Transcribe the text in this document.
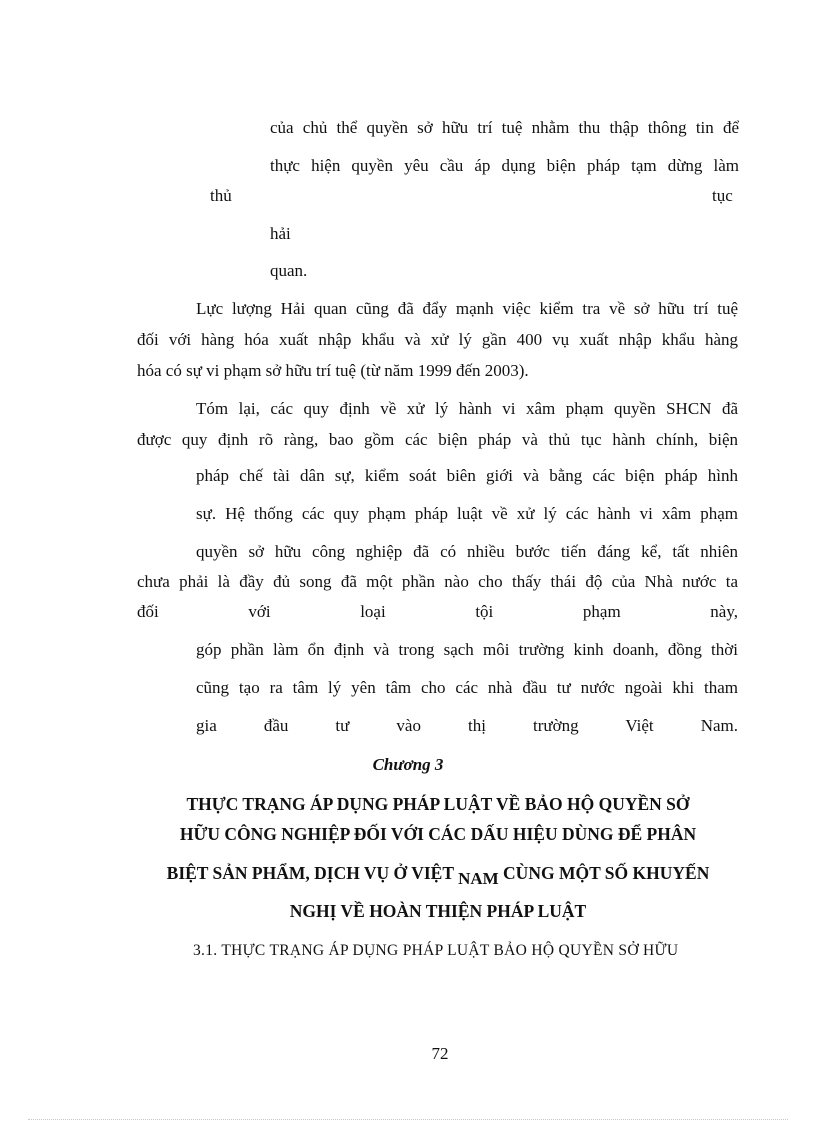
của chủ thể quyền sở hữu trí tuệ nhằm thu thập thông tin để

thực hiện quyền yêu cầu áp dụng biện pháp tạm dừng làm

thủ	tục

hải

quan.

Lực lượng Hải quan cũng đã đẩy mạnh việc kiểm tra về sở hữu trí tuệ

đối với hàng hóa xuất nhập khẩu và xử lý gần 400 vụ xuất nhập khẩu hàng

hóa có sự vi phạm sở hữu trí tuệ (từ năm 1999 đến 2003).

Tóm lại, các quy định về xử lý hành vi xâm phạm quyền SHCN đã

được quy định rõ ràng, bao gồm các biện pháp và thủ tục hành chính, biện

pháp chế tài dân sự, kiểm soát biên giới và bằng các biện pháp hình

sự. Hệ thống các quy phạm pháp luật về xử lý các hành vi xâm phạm

quyền sở hữu công nghiệp đã có nhiều bước tiến đáng kể, tất nhiên

chưa phải là đầy đủ song đã một phần nào cho thấy thái độ của Nhà nước ta

đối với loại tội phạm này,

góp phần làm ổn định và trong sạch môi trường kinh doanh, đồng thời

cũng tạo ra tâm lý yên tâm cho các nhà đầu tư nước ngoài khi tham

gia đầu tư vào thị trường Việt Nam.

Chương 3

THỰC TRẠNG ÁP DỤNG PHÁP LUẬT VỀ BẢO HỘ QUYỀN SỞ

HỮU CÔNG NGHIỆP ĐỐI VỚI CÁC DẤU HIỆU DÙNG ĐỂ PHÂN

BIỆT SẢN PHẨM, DỊCH VỤ Ở VIỆT NAM CÙNG MỘT SỐ KHUYẾN

NGHỊ VỀ HOÀN THIỆN PHÁP LUẬT

3.1. THỰC TRẠNG ÁP DỤNG PHÁP LUẬT BẢO HỘ QUYỀN SỞ HỮU

72
